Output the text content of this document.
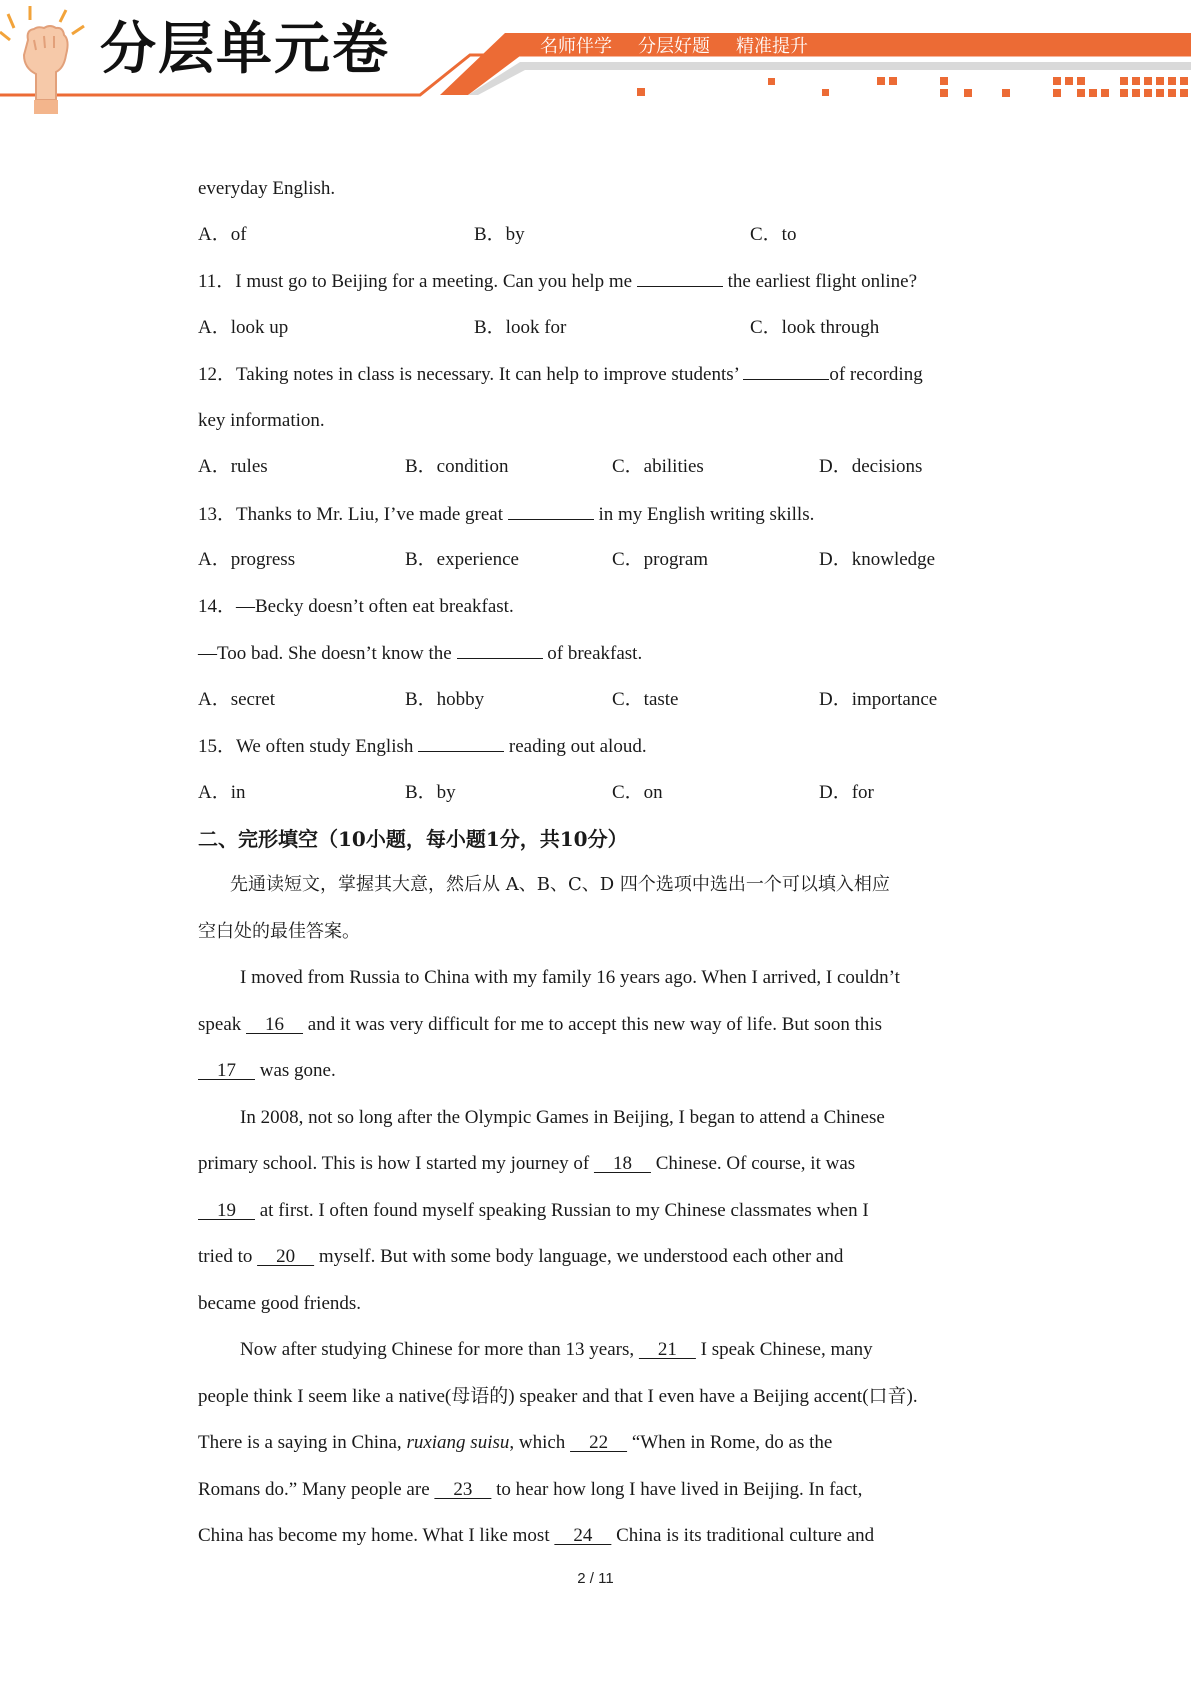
分层单元卷	名师伴学 分层好题 精准提升
everyday English.
A．of	B．by	C．to
11．I must go to Beijing for a meeting. Can you help me	the earliest flight online?
A．look up	B．look for	C．look through
12．Taking notes in class is necessary. It can help to improve students’	of recording
key information.
A．rules	B．condition	C．abilities	D．decisions
13．Thanks to Mr. Liu, I’ve made great	in my English writing skills.
A．progress	B．experience	C．program	D．knowledge
14．—Becky doesn’t often eat breakfast.
—Too bad. She doesn’t know the	of breakfast.
A．secret	B．hobby	C．taste	D．importance
15．We often study English	reading out aloud.
A．in	B．by	C．on	D．for
二、完形填空（10小题，每小题1分，共10分）
先通读短文，掌握其大意，然后从 A、B、C、D 四个选项中选出一个可以填入相应
空白处的最佳答案。
I moved from Russia to China with my family 16 years ago. When I arrived, I couldn’t
speak     16     and it was very difficult for me to accept this new way of life. But soon this
17     was gone.
In 2008, not so long after the Olympic Games in Beijing, I began to attend a Chinese
primary school. This is how I started my journey of     18     Chinese. Of course, it was
19     at first. I often found myself speaking Russian to my Chinese classmates when I
tried to     20     myself. But with some body language, we understood each other and
became good friends.
Now after studying Chinese for more than 13 years,     21     I speak Chinese, many
people think I seem like a native(母语的) speaker and that I even have a Beijing accent(口音).
There is a saying in China, ruxiang suisu, which     22     “When in Rome, do as the
Romans do.” Many people are     23     to hear how long I have lived in Beijing. In fact,
China has become my home. What I like most     24     China is its traditional culture and
2 / 11
